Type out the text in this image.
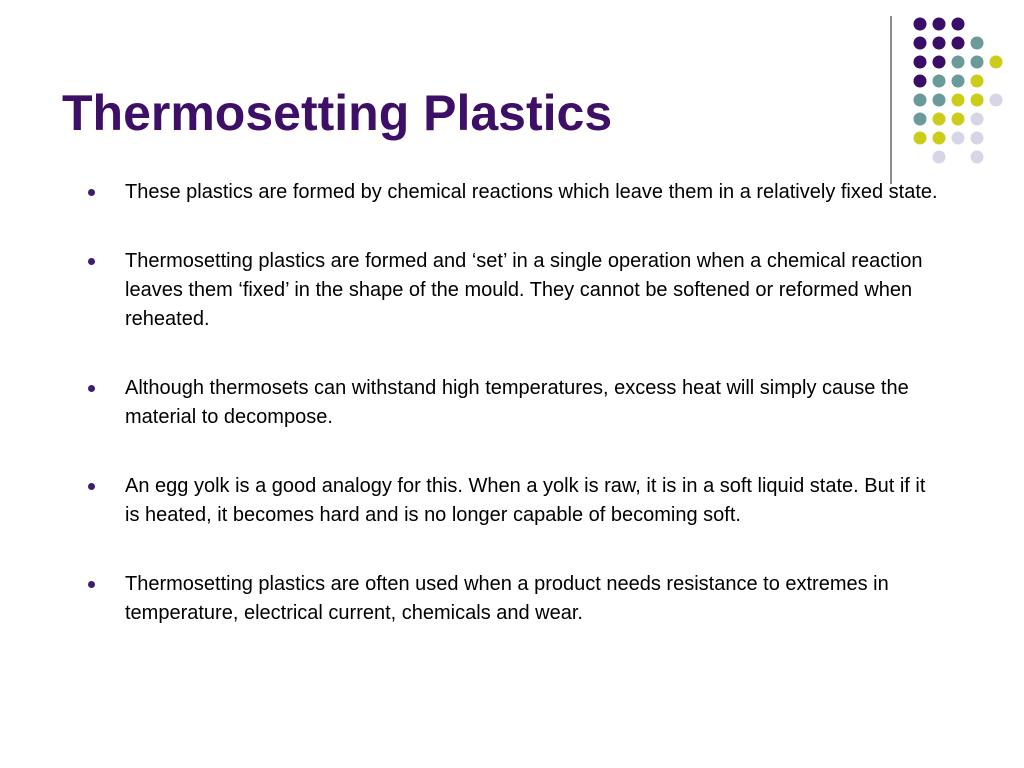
Thermosetting Plastics
These plastics are formed by chemical reactions which leave them in a relatively fixed state.
Thermosetting plastics are formed and ‘set’ in a single operation when a chemical reaction leaves them ‘fixed’ in the shape of the mould. They cannot be softened or reformed when reheated.
Although thermosets can withstand high temperatures, excess heat will simply cause the material to decompose.
An egg yolk is a good analogy for this. When a yolk is raw, it is in a soft liquid state. But if it is heated, it becomes hard and is no longer capable of becoming soft.
Thermosetting plastics are often used when a product needs resistance to extremes in temperature, electrical current, chemicals and wear.
